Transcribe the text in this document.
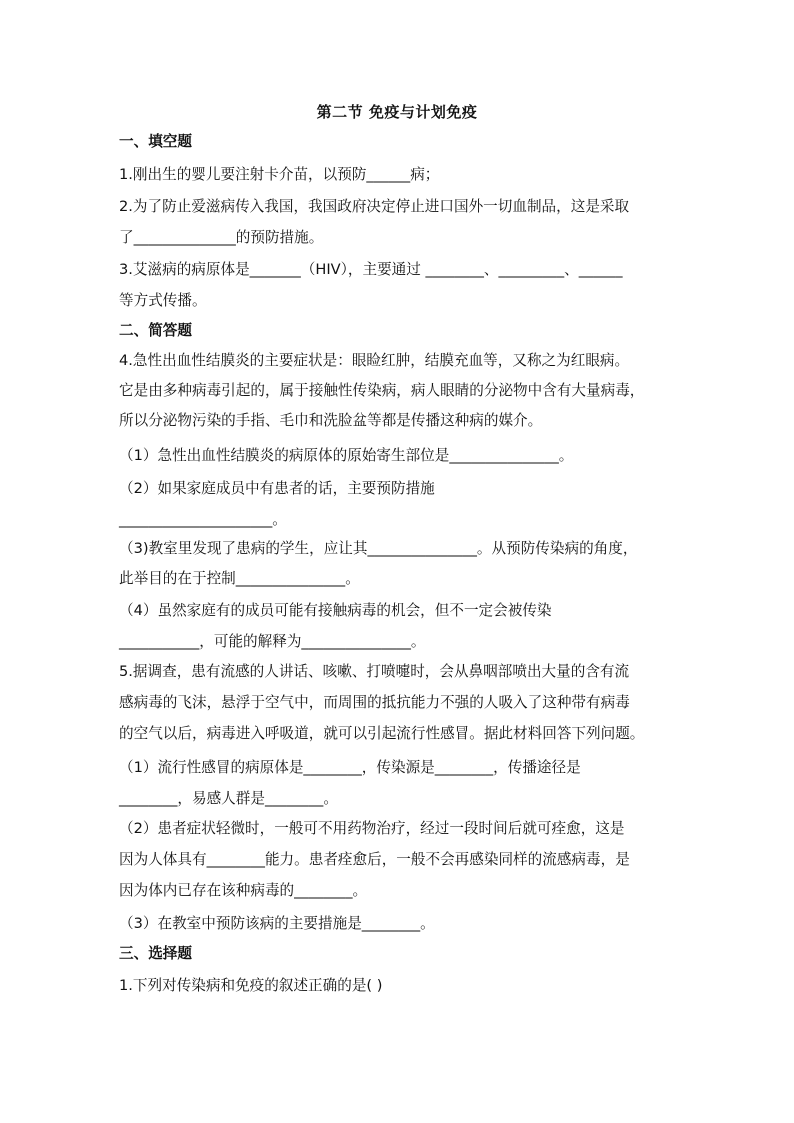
第二节 免疫与计划免疫
一、填空题
1.刚出生的婴儿要注射卡介苗，以预防______病；
2.为了防止爱滋病传入我国，我国政府决定停止进口国外一切血制品，这是采取
了______________的预防措施。
3.艾滋病的病原体是_______（HIV），主要通过 ________、_________、______
等方式传播。
二、简答题
4.急性出血性结膜炎的主要症状是：眼睑红肿，结膜充血等，又称之为红眼病。
它是由多种病毒引起的，属于接触性传染病，病人眼睛的分泌物中含有大量病毒，
所以分泌物污染的手指、毛巾和洗脸盆等都是传播这种病的媒介。
（1）急性出血性结膜炎的病原体的原始寄生部位是_______________。
（2）如果家庭成员中有患者的话，主要预防措施
_____________________。
（3)教室里发现了患病的学生，应让其_______________。从预防传染病的角度，
此举目的在于控制_______________。
（4）虽然家庭有的成员可能有接触病毒的机会，但不一定会被传染
___________，可能的解释为_______________。
5.据调查，患有流感的人讲话、咳嗽、打喷嚏时，会从鼻咽部喷出大量的含有流
感病毒的飞沫，悬浮于空气中，而周围的抵抗能力不强的人吸入了这种带有病毒
的空气以后，病毒进入呼吸道，就可以引起流行性感冒。据此材料回答下列问题。
（1）流行性感冒的病原体是________，传染源是________，传播途径是
________，易感人群是________。
（2）患者症状轻微时，一般可不用药物治疗，经过一段时间后就可痊愈，这是
因为人体具有________能力。患者痊愈后，一般不会再感染同样的流感病毒，是
因为体内已存在该种病毒的________。
（3）在教室中预防该病的主要措施是________。
三、选择题
1.下列对传染病和免疫的叙述正确的是( )
